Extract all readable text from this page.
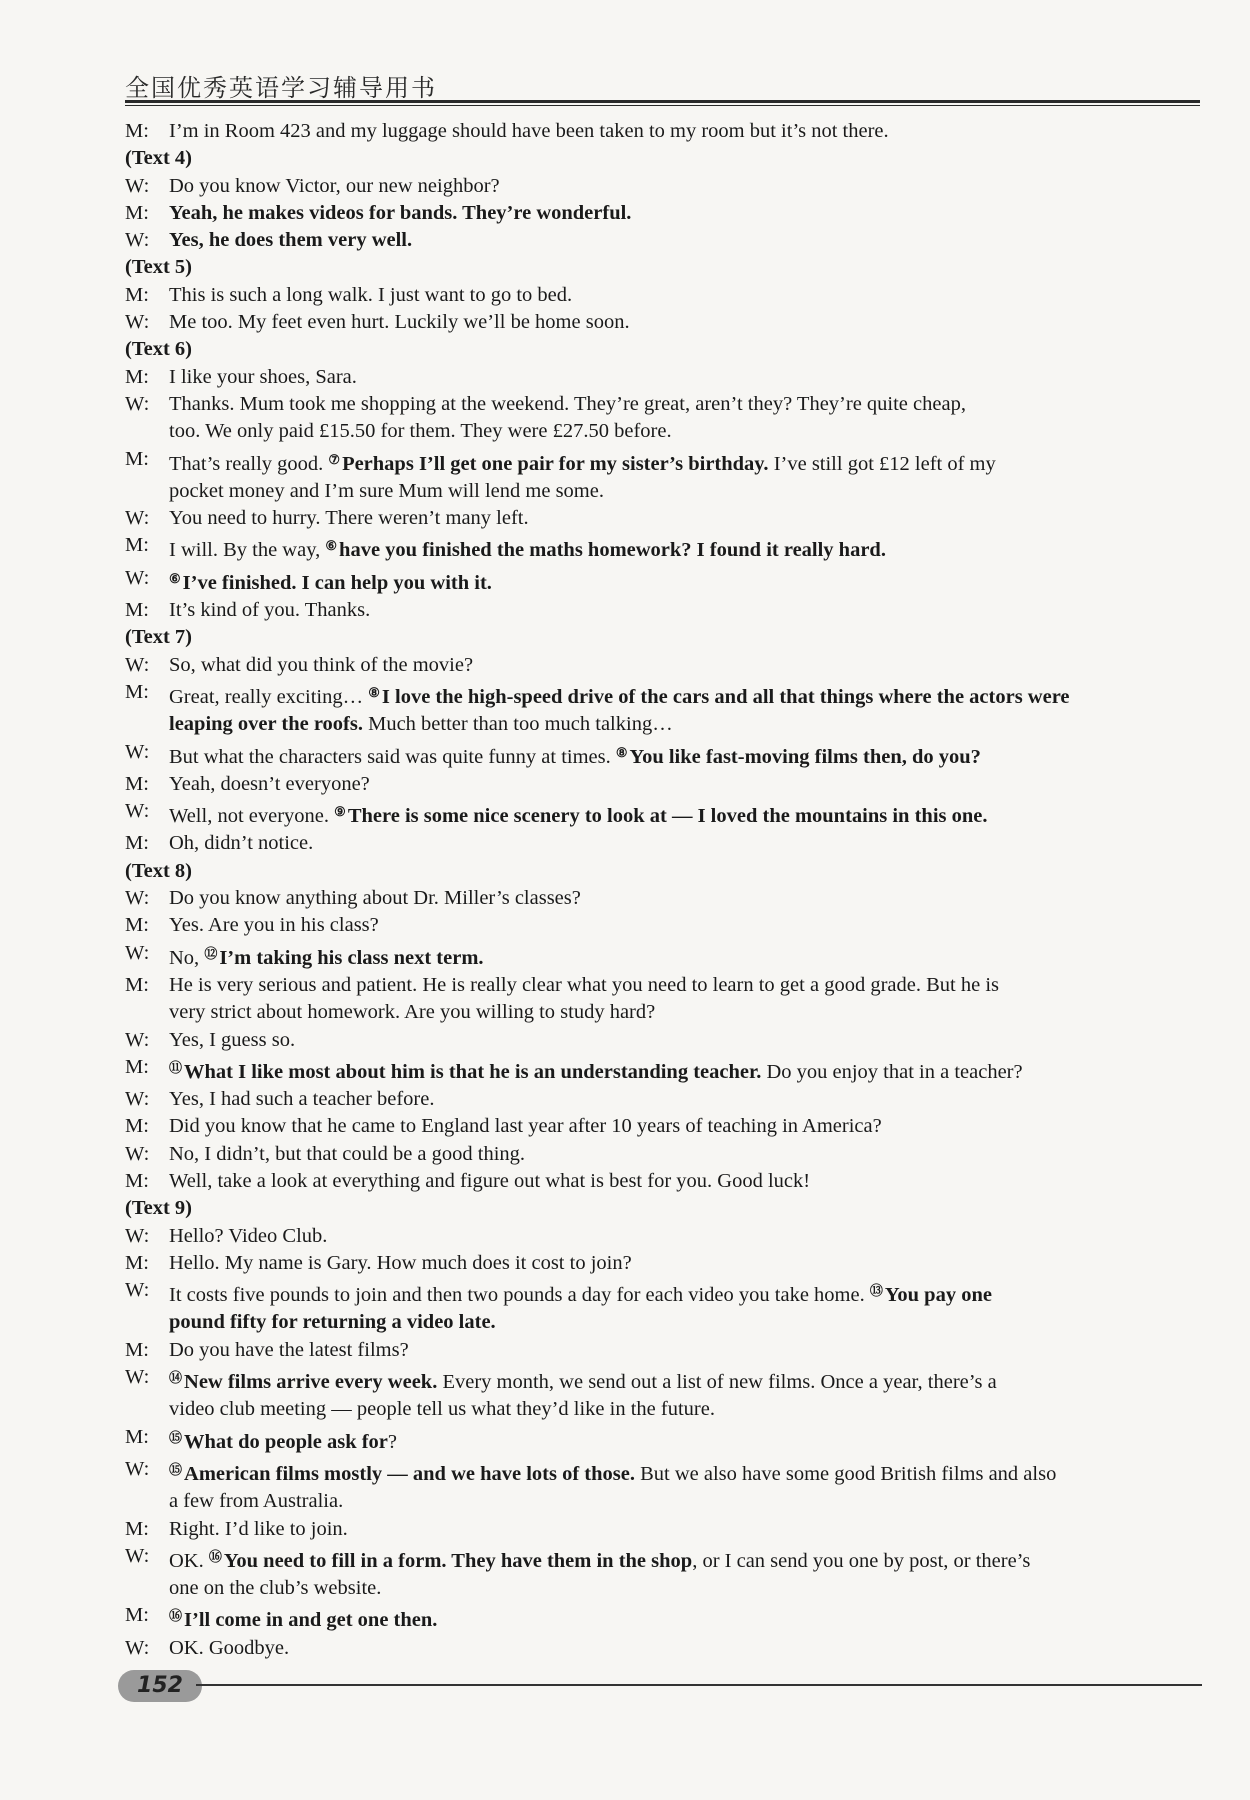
全国优秀英语学习辅导用书
M: I’m in Room 423 and my luggage should have been taken to my room but it’s not there.
(Text 4)
W: Do you know Victor, our new neighbor?
M: Yeah, he makes videos for bands. They’re wonderful.
W: Yes, he does them very well.
(Text 5)
M: This is such a long walk. I just want to go to bed.
W: Me too. My feet even hurt. Luckily we’ll be home soon.
(Text 6)
M: I like your shoes, Sara.
W: Thanks. Mum took me shopping at the weekend. They’re great, aren’t they? They’re quite cheap,
too. We only paid £15.50 for them. They were £27.50 before.
M: That’s really good. ⑦Perhaps I’ll get one pair for my sister’s birthday. I’ve still got £12 left of my
pocket money and I’m sure Mum will lend me some.
W: You need to hurry. There weren’t many left.
M: I will. By the way, ⑥have you finished the maths homework? I found it really hard.
W: ⑥I’ve finished. I can help you with it.
M: It’s kind of you. Thanks.
(Text 7)
W: So, what did you think of the movie?
M: Great, really exciting… ⑧I love the high-speed drive of the cars and all that things where the actors were
leaping over the roofs. Much better than too much talking…
W: But what the characters said was quite funny at times. ⑧You like fast-moving films then, do you?
M: Yeah, doesn’t everyone?
W: Well, not everyone. ⑨There is some nice scenery to look at — I loved the mountains in this one.
M: Oh, didn’t notice.
(Text 8)
W: Do you know anything about Dr. Miller’s classes?
M: Yes. Are you in his class?
W: No, ⑫I’m taking his class next term.
M: He is very serious and patient. He is really clear what you need to learn to get a good grade. But he is
very strict about homework. Are you willing to study hard?
W: Yes, I guess so.
M: ⑪What I like most about him is that he is an understanding teacher. Do you enjoy that in a teacher?
W: Yes, I had such a teacher before.
M: Did you know that he came to England last year after 10 years of teaching in America?
W: No, I didn’t, but that could be a good thing.
M: Well, take a look at everything and figure out what is best for you. Good luck!
(Text 9)
W: Hello? Video Club.
M: Hello. My name is Gary. How much does it cost to join?
W: It costs five pounds to join and then two pounds a day for each video you take home. ⑬You pay one
pound fifty for returning a video late.
M: Do you have the latest films?
W: ⑭New films arrive every week. Every month, we send out a list of new films. Once a year, there’s a
video club meeting — people tell us what they’d like in the future.
M: ⑮What do people ask for?
W: ⑮American films mostly — and we have lots of those. But we also have some good British films and also
a few from Australia.
M: Right. I’d like to join.
W: OK. ⑯You need to fill in a form. They have them in the shop, or I can send you one by post, or there’s
one on the club’s website.
M: ⑯I’ll come in and get one then.
W: OK. Goodbye.
152
